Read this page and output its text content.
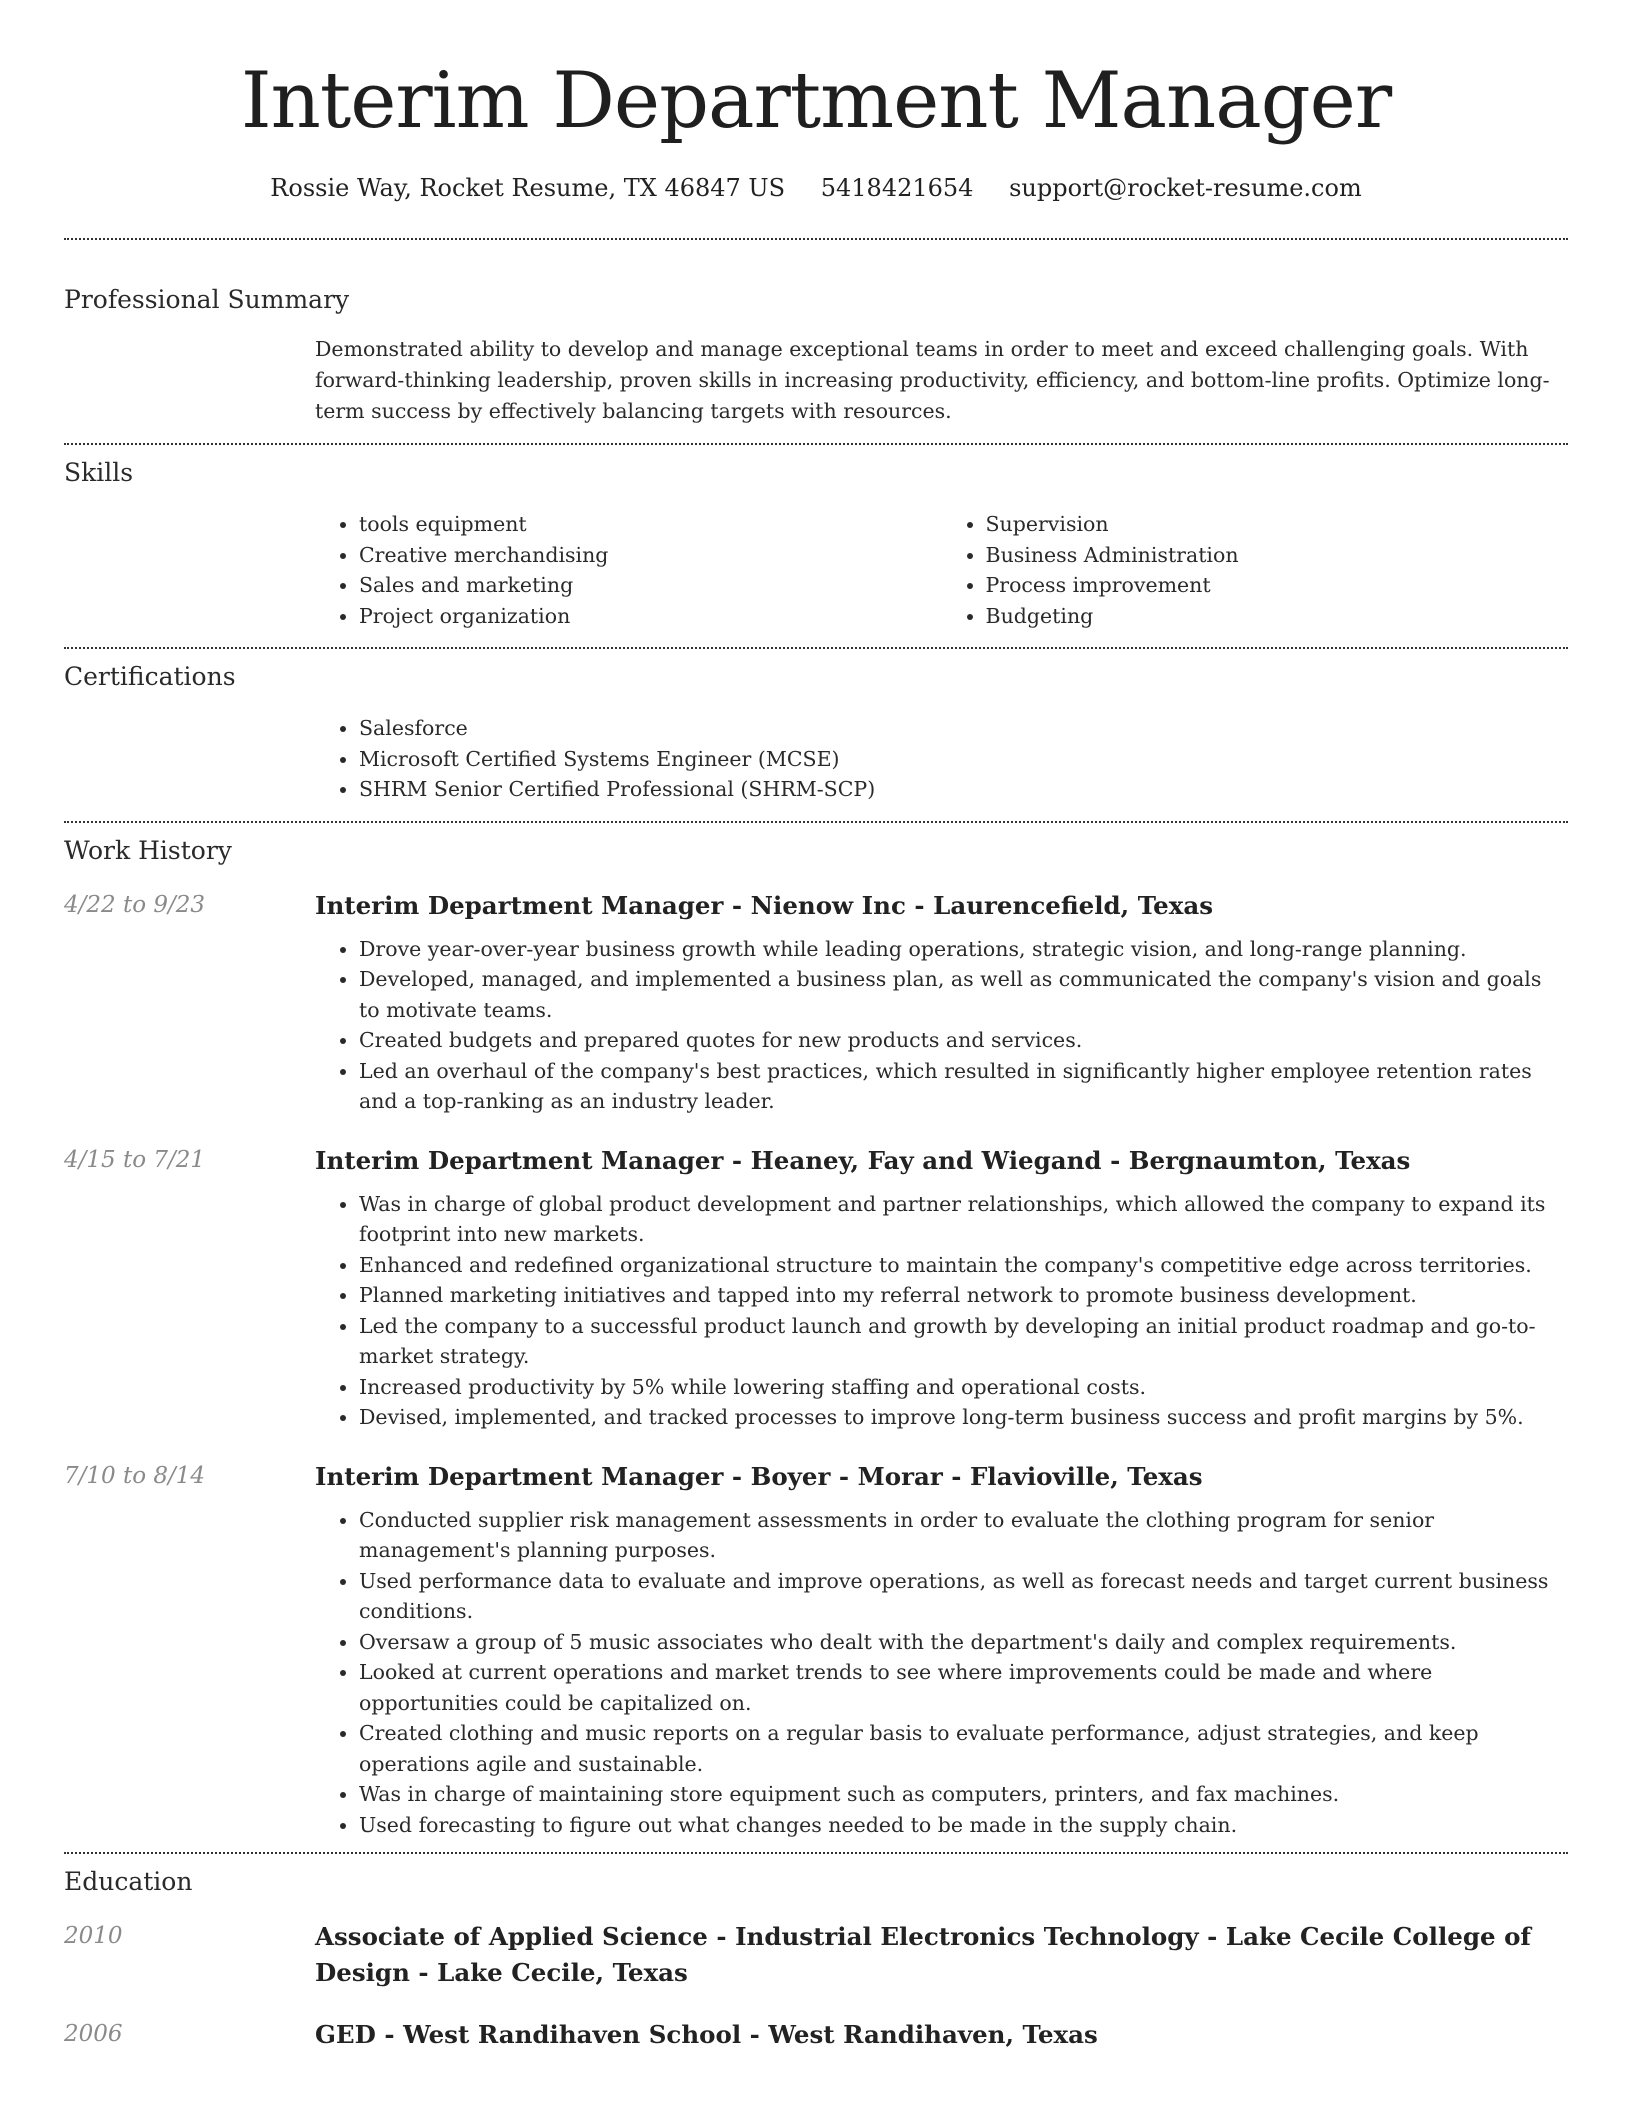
Interim Department Manager
Rossie Way, Rocket Resume, TX 46847 US 5418421654 support@rocket-resume.com
Professional Summary

Demonstrated ability to develop and manage exceptional teams in order to meet and exceed challenging goals. With forward-thinking leadership, proven skills in increasing productivity, efficiency, and bottom-line profits. Optimize long-term success by effectively balancing targets with resources.

Skills
• tools equipment
• Creative merchandising
• Sales and marketing
• Project organization
• Supervision
• Business Administration
• Process improvement
• Budgeting
Certifications
• Salesforce
• Microsoft Certified Systems Engineer (MCSE)
• SHRM Senior Certified Professional (SHRM-SCP)
Work History
4/22 to 9/23	Interim Department Manager - Nienow Inc - Laurencefield, Texas
• Drove year-over-year business growth while leading operations, strategic vision, and long-range planning.
• Developed, managed, and implemented a business plan, as well as communicated the company's vision and goals to motivate teams.
• Created budgets and prepared quotes for new products and services.
• Led an overhaul of the company's best practices, which resulted in significantly higher employee retention rates and a top-ranking as an industry leader.
4/15 to 7/21	Interim Department Manager - Heaney, Fay and Wiegand - Bergnaumton, Texas
• Was in charge of global product development and partner relationships, which allowed the company to expand its footprint into new markets.
• Enhanced and redefined organizational structure to maintain the company's competitive edge across territories.
• Planned marketing initiatives and tapped into my referral network to promote business development.
• Led the company to a successful product launch and growth by developing an initial product roadmap and go-to-market strategy.
• Increased productivity by 5% while lowering staffing and operational costs.
• Devised, implemented, and tracked processes to improve long-term business success and profit margins by 5%.
7/10 to 8/14	Interim Department Manager - Boyer - Morar - Flavioville, Texas
• Conducted supplier risk management assessments in order to evaluate the clothing program for senior management's planning purposes.
• Used performance data to evaluate and improve operations, as well as forecast needs and target current business conditions.
• Oversaw a group of 5 music associates who dealt with the department's daily and complex requirements.
• Looked at current operations and market trends to see where improvements could be made and where opportunities could be capitalized on.
• Created clothing and music reports on a regular basis to evaluate performance, adjust strategies, and keep operations agile and sustainable.
• Was in charge of maintaining store equipment such as computers, printers, and fax machines.
• Used forecasting to figure out what changes needed to be made in the supply chain.
Education
2010	Associate of Applied Science - Industrial Electronics Technology - Lake Cecile College of Design - Lake Cecile, Texas
2006	GED - West Randihaven School - West Randihaven, Texas
